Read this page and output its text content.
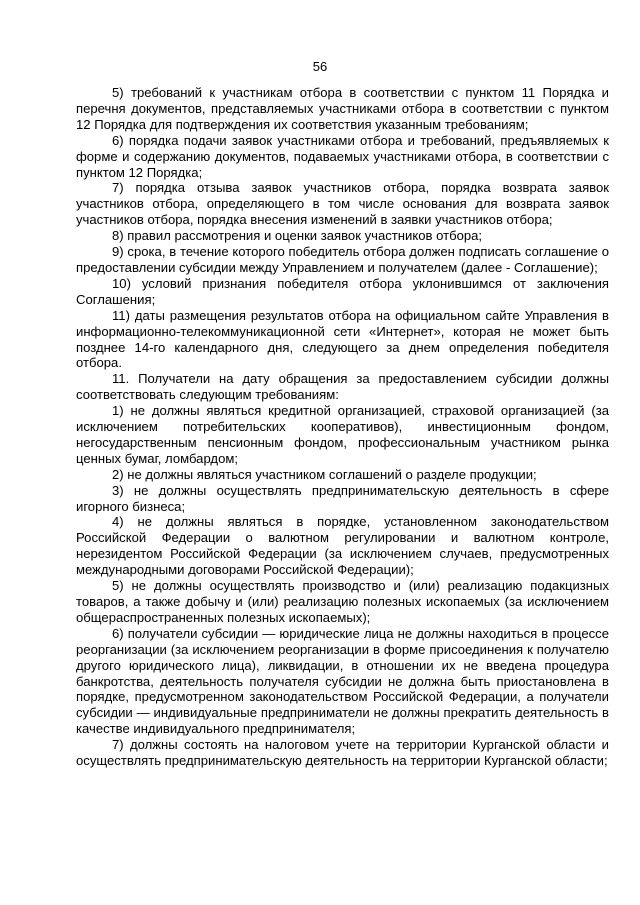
56

5) требований к участникам отбора в соответствии с пунктом 11 Порядка и перечня документов, представляемых участниками отбора в соответствии с пунктом 12 Порядка для подтверждения их соответствия указанным требованиям;

6) порядка подачи заявок участниками отбора и требований, предъявляемых к форме и содержанию документов, подаваемых участниками отбора, в соответствии с пунктом 12 Порядка;

7) порядка отзыва заявок участников отбора, порядка возврата заявок участников отбора, определяющего в том числе основания для возврата заявок участников отбора, порядка внесения изменений в заявки участников отбора;

8) правил рассмотрения и оценки заявок участников отбора;

9) срока, в течение которого победитель отбора должен подписать соглашение о предоставлении субсидии между Управлением и получателем (далее - Соглашение);

10) условий признания победителя отбора уклонившимся от заключения Соглашения;

11) даты размещения результатов отбора на официальном сайте Управления в информационно-телекоммуникационной сети «Интернет», которая не может быть позднее 14-го календарного дня, следующего за днем определения победителя отбора.

11. Получатели на дату обращения за предоставлением субсидии должны соответствовать следующим требованиям:

1) не должны являться кредитной организацией, страховой организацией (за исключением потребительских кооперативов), инвестиционным фондом, негосударственным пенсионным фондом, профессиональным участником рынка ценных бумаг, ломбардом;

2) не должны являться участником соглашений о разделе продукции;

3) не должны осуществлять предпринимательскую деятельность в сфере игорного бизнеса;

4) не должны являться в порядке, установленном законодательством Российской Федерации о валютном регулировании и валютном контроле, нерезидентом Российской Федерации (за исключением случаев, предусмотренных международными договорами Российской Федерации);

5) не должны осуществлять производство и (или) реализацию подакцизных товаров, а также добычу и (или) реализацию полезных ископаемых (за исключением общераспространенных полезных ископаемых);

6) получатели субсидии — юридические лица не должны находиться в процессе реорганизации (за исключением реорганизации в форме присоединения к получателю другого юридического лица), ликвидации, в отношении их не введена процедура банкротства, деятельность получателя субсидии не должна быть приостановлена в порядке, предусмотренном законодательством Российской Федерации, а получатели субсидии — индивидуальные предприниматели не должны прекратить деятельность в качестве индивидуального предпринимателя;

7) должны состоять на налоговом учете на территории Курганской области и осуществлять предпринимательскую деятельность на территории Курганской области;
